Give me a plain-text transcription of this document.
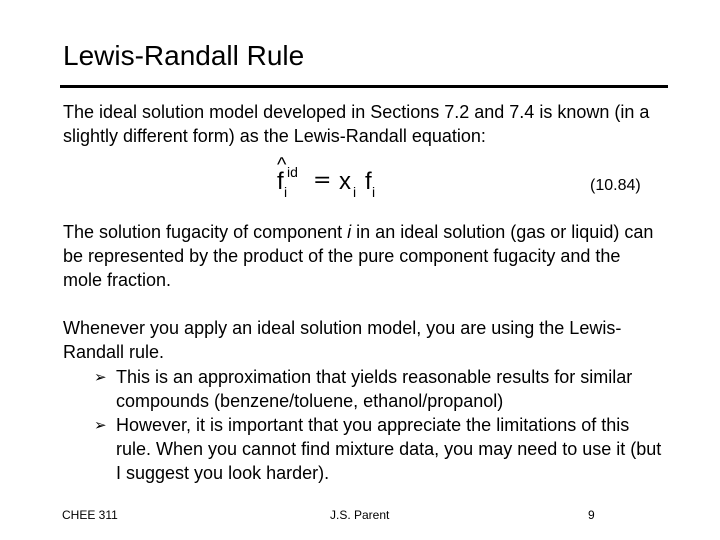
Lewis-Randall Rule

The ideal solution model developed in Sections 7.2 and 7.4 is known (in a slightly different form) as the Lewis-Randall equation:

^
f i
id = x i f i	(10.84)

The solution fugacity of component i in an ideal solution (gas or liquid) can be represented by the product of the pure component fugacity and the mole fraction.

Whenever you apply an ideal solution model, you are using the Lewis-Randall rule.

➢ This is an approximation that yields reasonable results for similar compounds (benzene/toluene, ethanol/propanol)
➢ However, it is important that you appreciate the limitations of this rule. When you cannot find mixture data, you may need to use it (but I suggest you look harder).
CHEE 311	J.S. Parent	9
